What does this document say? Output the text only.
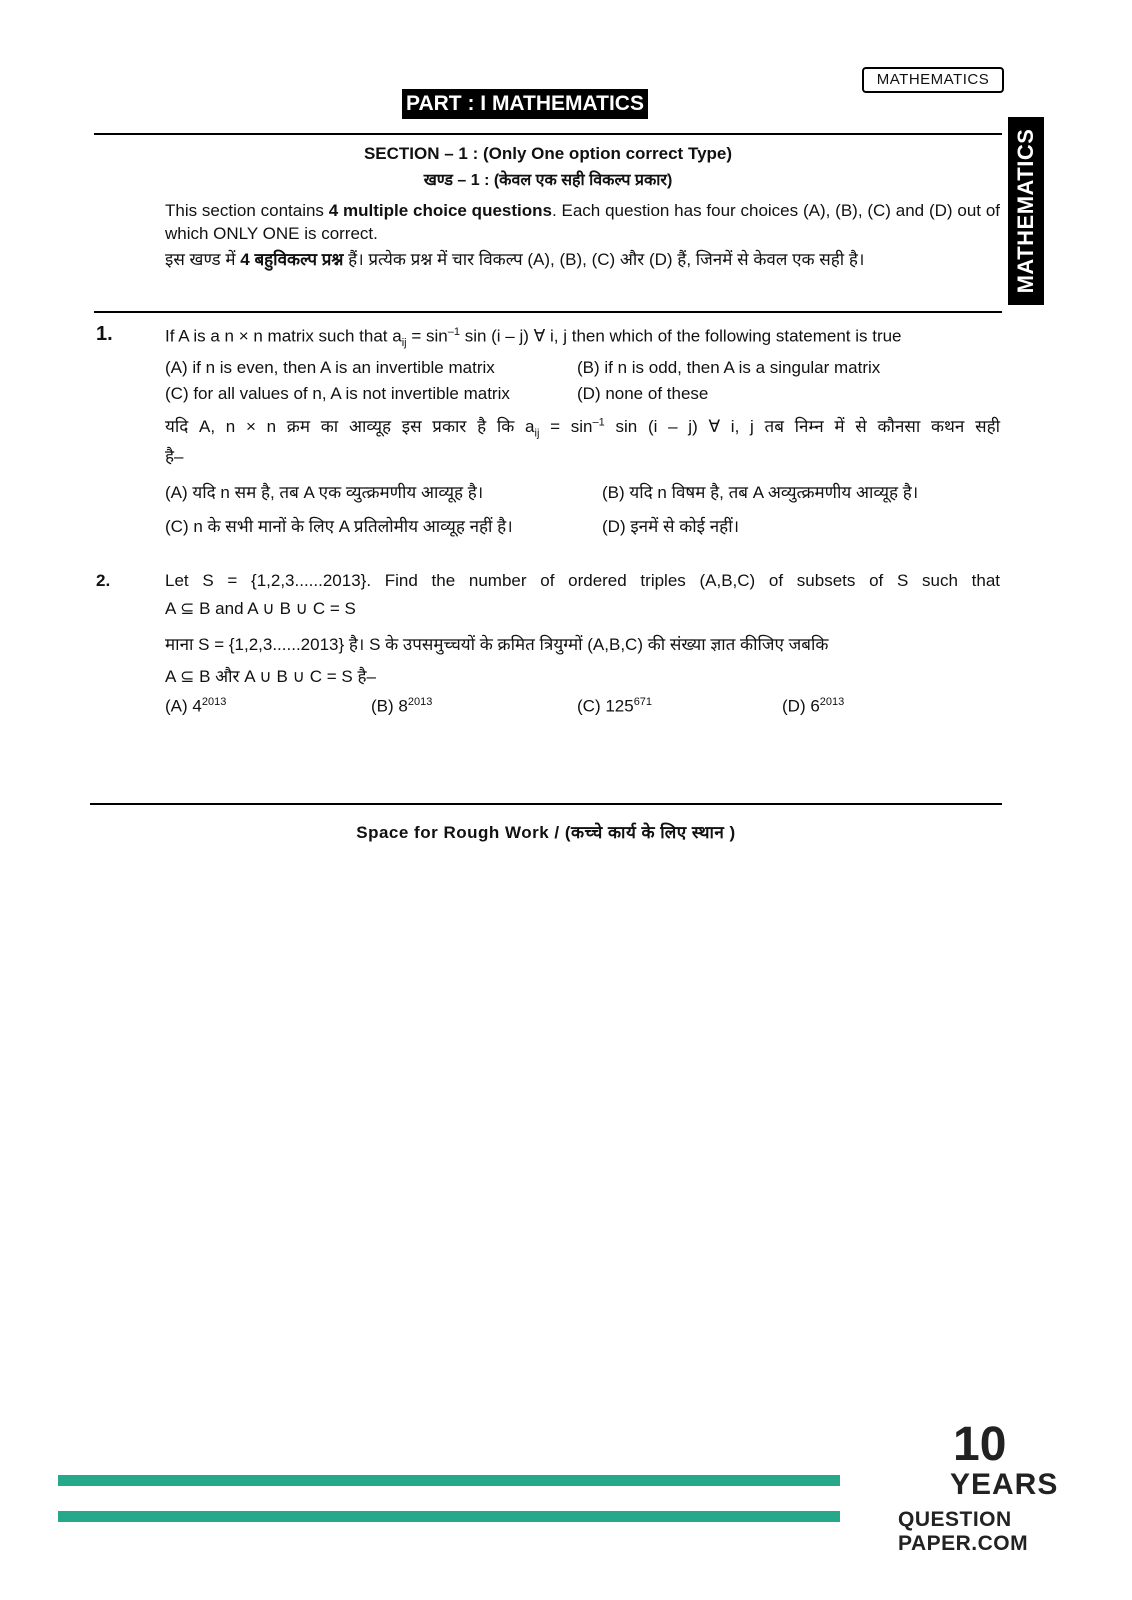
MATHEMATICS
PART : I MATHEMATICS
MATHEMATICS
SECTION – 1 : (Only One option correct Type)
खण्ड – 1 : (केवल एक सही विकल्प प्रकार)
This section contains 4 multiple choice questions. Each question has four choices (A), (B), (C) and (D) out of which ONLY ONE is correct.
इस खण्ड में 4 बहुविकल्प प्रश्न हैं। प्रत्येक प्रश्न में चार विकल्प (A), (B), (C) और (D) हैं, जिनमें से केवल एक सही है।
1.	If A is a n × n matrix such that $a_{ij} = \sin^{-1} \sin (i - j)$ ∀ i, j then which of the following statement is true
(A) if n is even, then A is an invertible matrix	(B) if n is odd, then A is a singular matrix
(C) for all values of n, A is not invertible matrix	(D) none of these
यदि A, n × n क्रम का आव्यूह इस प्रकार है कि $a_{ij} = \sin^{-1} \sin (i - j)$ ∀ i, j तब निम्न में से कौनसा कथन सही
है–
(A) यदि n सम है, तब A एक व्युत्क्रमणीय आव्यूह है।	(B) यदि n विषम है, तब A अव्युत्क्रमणीय आव्यूह है।
(C) n के सभी मानों के लिए A प्रतिलोमीय आव्यूह नहीं है।	(D) इनमें से कोई नहीं।
2.	Let S = {1,2,3......2013}. Find the number of ordered triples (A,B,C) of subsets of S such that
A ⊆ B and A ∪ B ∪ C = S
माना S = {1,2,3......2013} है। S के उपसमुच्चयों के क्रमित त्रियुग्मों (A,B,C) की संख्या ज्ञात कीजिए जबकि
A ⊆ B और A ∪ B ∪ C = S है–
(A) $4^{2013}$	(B) $8^{2013}$	(C) $125^{671}$	(D) $6^{2013}$
Space for Rough Work / (कच्चे कार्य के लिए स्थान )
10
YEARS
QUESTION PAPER.COM
